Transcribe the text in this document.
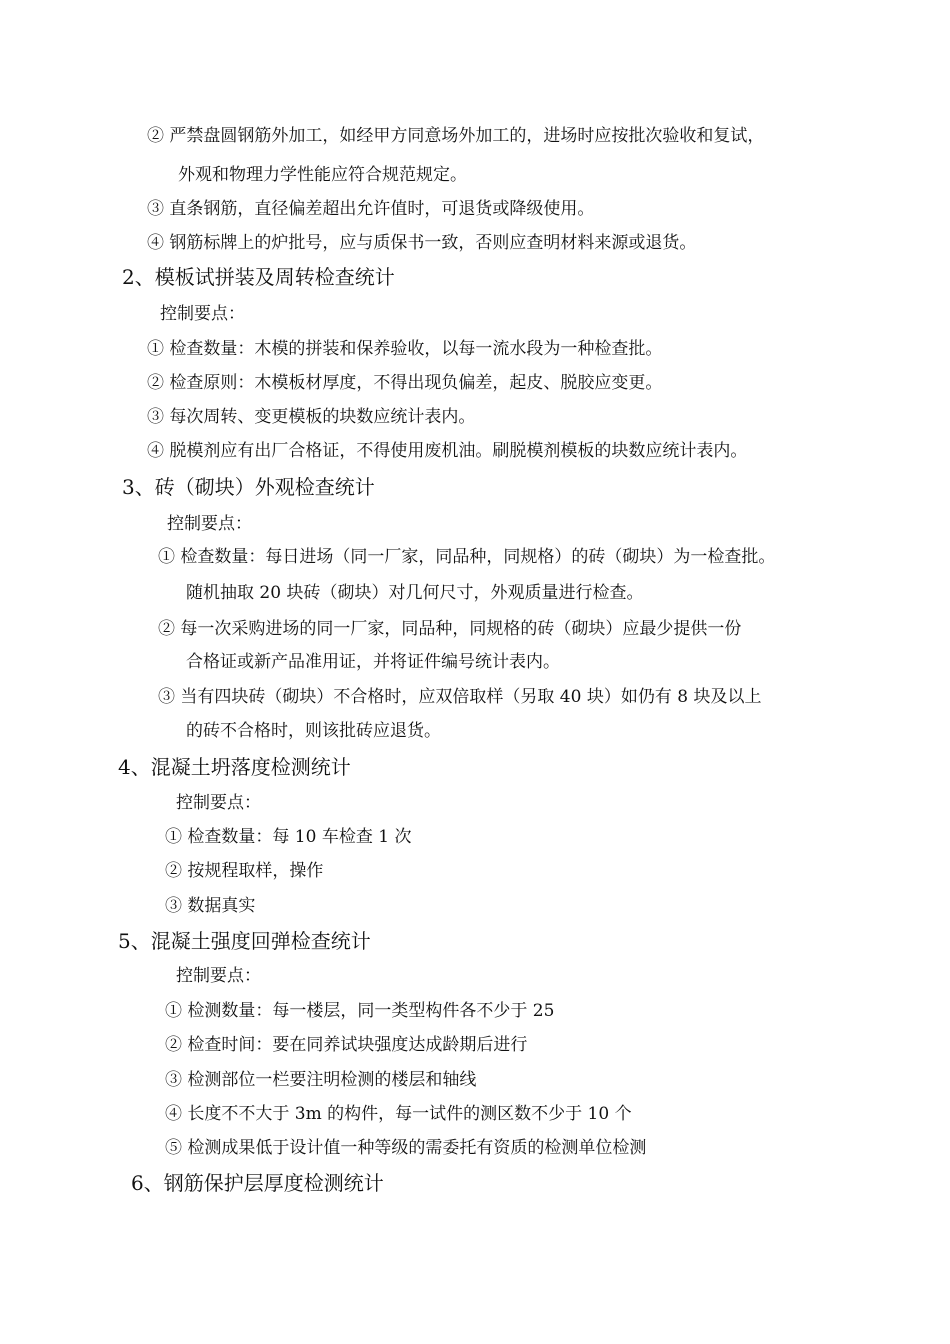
② 严禁盘圆钢筋外加工，如经甲方同意场外加工的，进场时应按批次验收和复试，
外观和物理力学性能应符合规范规定。
③ 直条钢筋，直径偏差超出允许值时，可退货或降级使用。
④ 钢筋标牌上的炉批号，应与质保书一致，否则应查明材料来源或退货。
2、模板试拼装及周转检查统计
控制要点：
① 检查数量：木模的拼装和保养验收，以每一流水段为一种检查批。
② 检查原则：木模板材厚度，不得出现负偏差，起皮、脱胶应变更。
③ 每次周转、变更模板的块数应统计表内。
④ 脱模剂应有出厂合格证，不得使用废机油。刷脱模剂模板的块数应统计表内。
3、砖（砌块）外观检查统计
控制要点：
① 检查数量：每日进场（同一厂家，同品种，同规格）的砖（砌块）为一检查批。
随机抽取 20 块砖（砌块）对几何尺寸，外观质量进行检查。
② 每一次采购进场的同一厂家，同品种，同规格的砖（砌块）应最少提供一份
合格证或新产品准用证，并将证件编号统计表内。
③ 当有四块砖（砌块）不合格时，应双倍取样（另取 40 块）如仍有 8 块及以上
的砖不合格时，则该批砖应退货。
4、混凝土坍落度检测统计
控制要点：
① 检查数量：每 10 车检查 1 次
② 按规程取样，操作
③ 数据真实
5、混凝土强度回弹检查统计
控制要点：
① 检测数量：每一楼层，同一类型构件各不少于 25
② 检查时间：要在同养试块强度达成龄期后进行
③ 检测部位一栏要注明检测的楼层和轴线
④ 长度不不大于 3m 的构件，每一试件的测区数不少于 10 个
⑤ 检测成果低于设计值一种等级的需委托有资质的检测单位检测
6、钢筋保护层厚度检测统计
